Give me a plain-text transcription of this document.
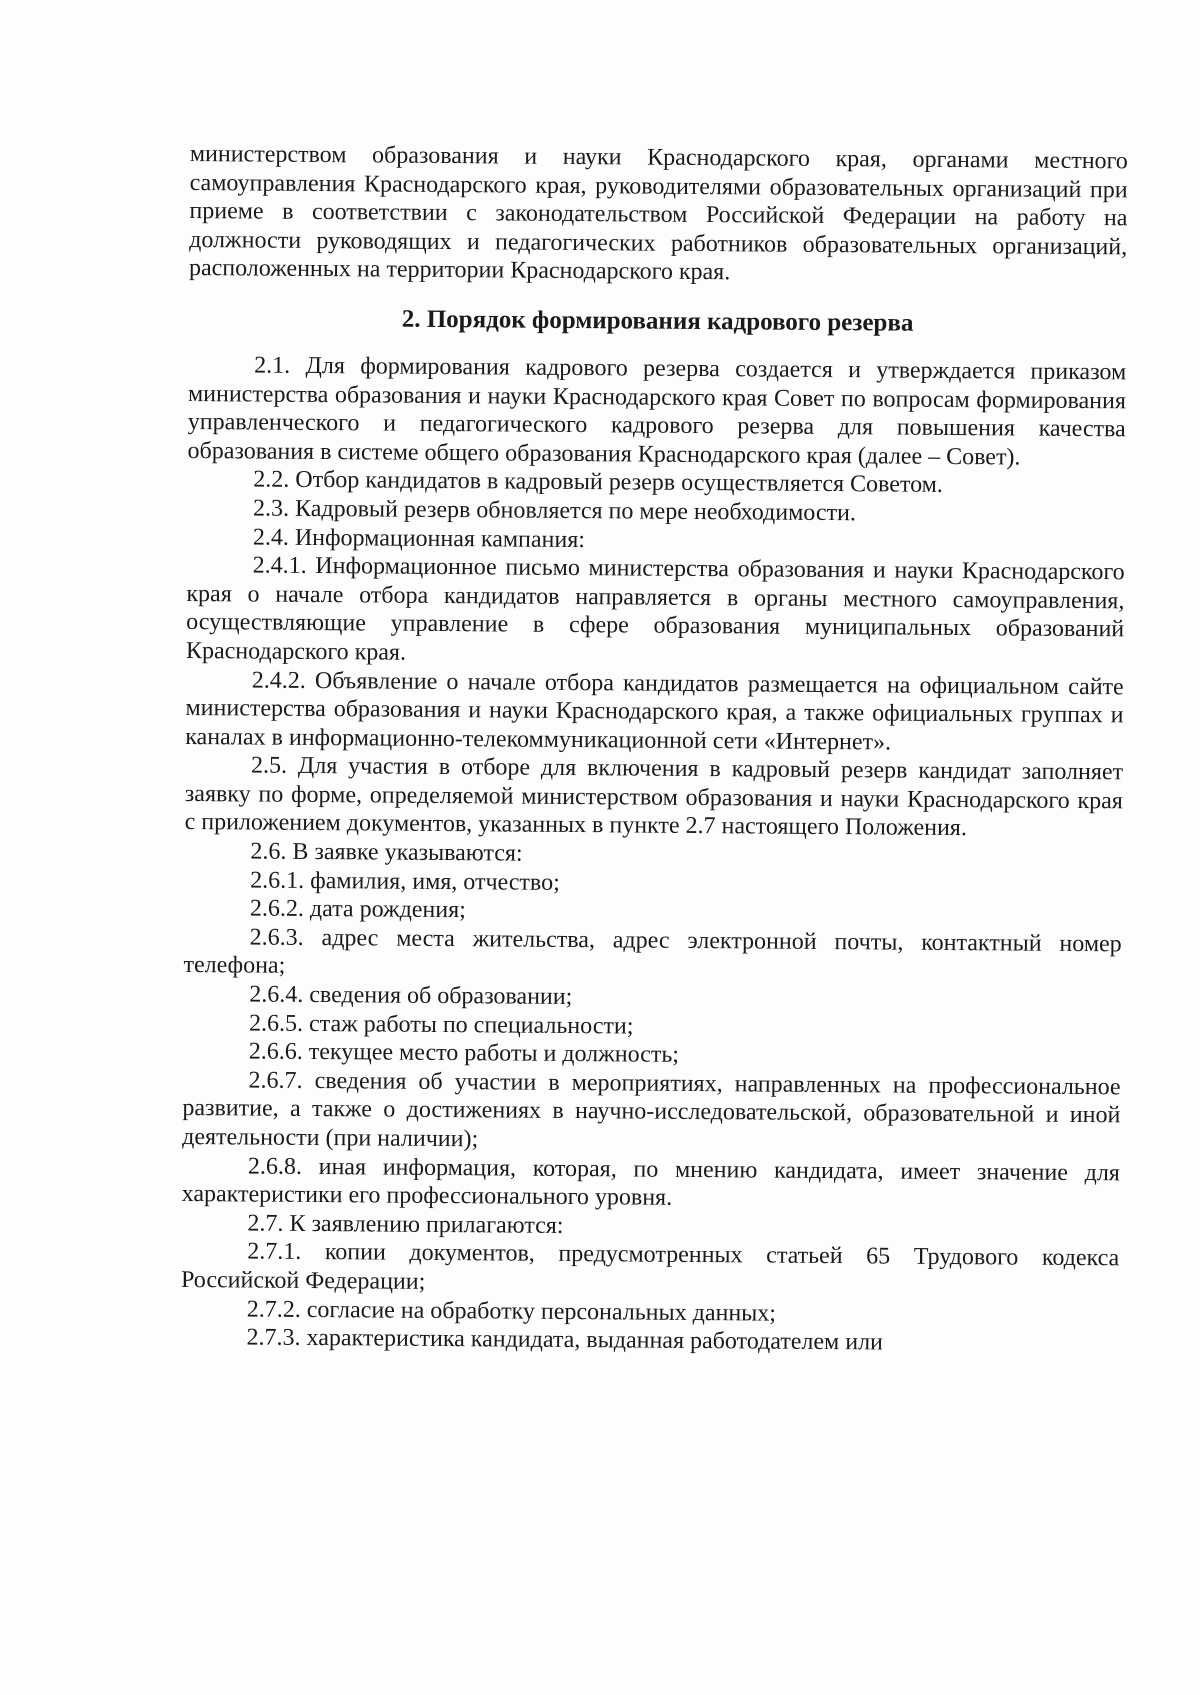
министерством образования и науки Краснодарского края, органами местного самоуправления Краснодарского края, руководителями образовательных организаций при приеме в соответствии с законодательством Российской Федерации на работу на должности руководящих и педагогических работников образовательных организаций, расположенных на территории Краснодарского края.

2. Порядок формирования кадрового резерва

2.1. Для формирования кадрового резерва создается и утверждается приказом министерства образования и науки Краснодарского края Совет по вопросам формирования управленческого и педагогического кадрового резерва для повышения качества образования в системе общего образования Краснодарского края (далее – Совет).

2.2. Отбор кандидатов в кадровый резерв осуществляется Советом.

2.3. Кадровый резерв обновляется по мере необходимости.

2.4. Информационная кампания:

2.4.1. Информационное письмо министерства образования и науки Краснодарского края о начале отбора кандидатов направляется в органы местного самоуправления, осуществляющие управление в сфере образования муниципальных образований Краснодарского края.

2.4.2. Объявление о начале отбора кандидатов размещается на официальном сайте министерства образования и науки Краснодарского края, а также официальных группах и каналах в информационно-телекоммуникационной сети «Интернет».

2.5. Для участия в отборе для включения в кадровый резерв кандидат заполняет заявку по форме, определяемой министерством образования и науки Краснодарского края с приложением документов, указанных в пункте 2.7 настоящего Положения.

2.6. В заявке указываются:

2.6.1. фамилия, имя, отчество;

2.6.2. дата рождения;

2.6.3. адрес места жительства, адрес электронной почты, контактный номер телефона;

2.6.4. сведения об образовании;

2.6.5. стаж работы по специальности;

2.6.6. текущее место работы и должность;

2.6.7. сведения об участии в мероприятиях, направленных на профессиональное развитие, а также о достижениях в научно-исследовательской, образовательной и иной деятельности (при наличии);

2.6.8. иная информация, которая, по мнению кандидата, имеет значение для характеристики его профессионального уровня.

2.7. К заявлению прилагаются:

2.7.1. копии документов, предусмотренных статьей 65 Трудового кодекса Российской Федерации;

2.7.2. согласие на обработку персональных данных;

2.7.3. характеристика кандидата, выданная работодателем или
